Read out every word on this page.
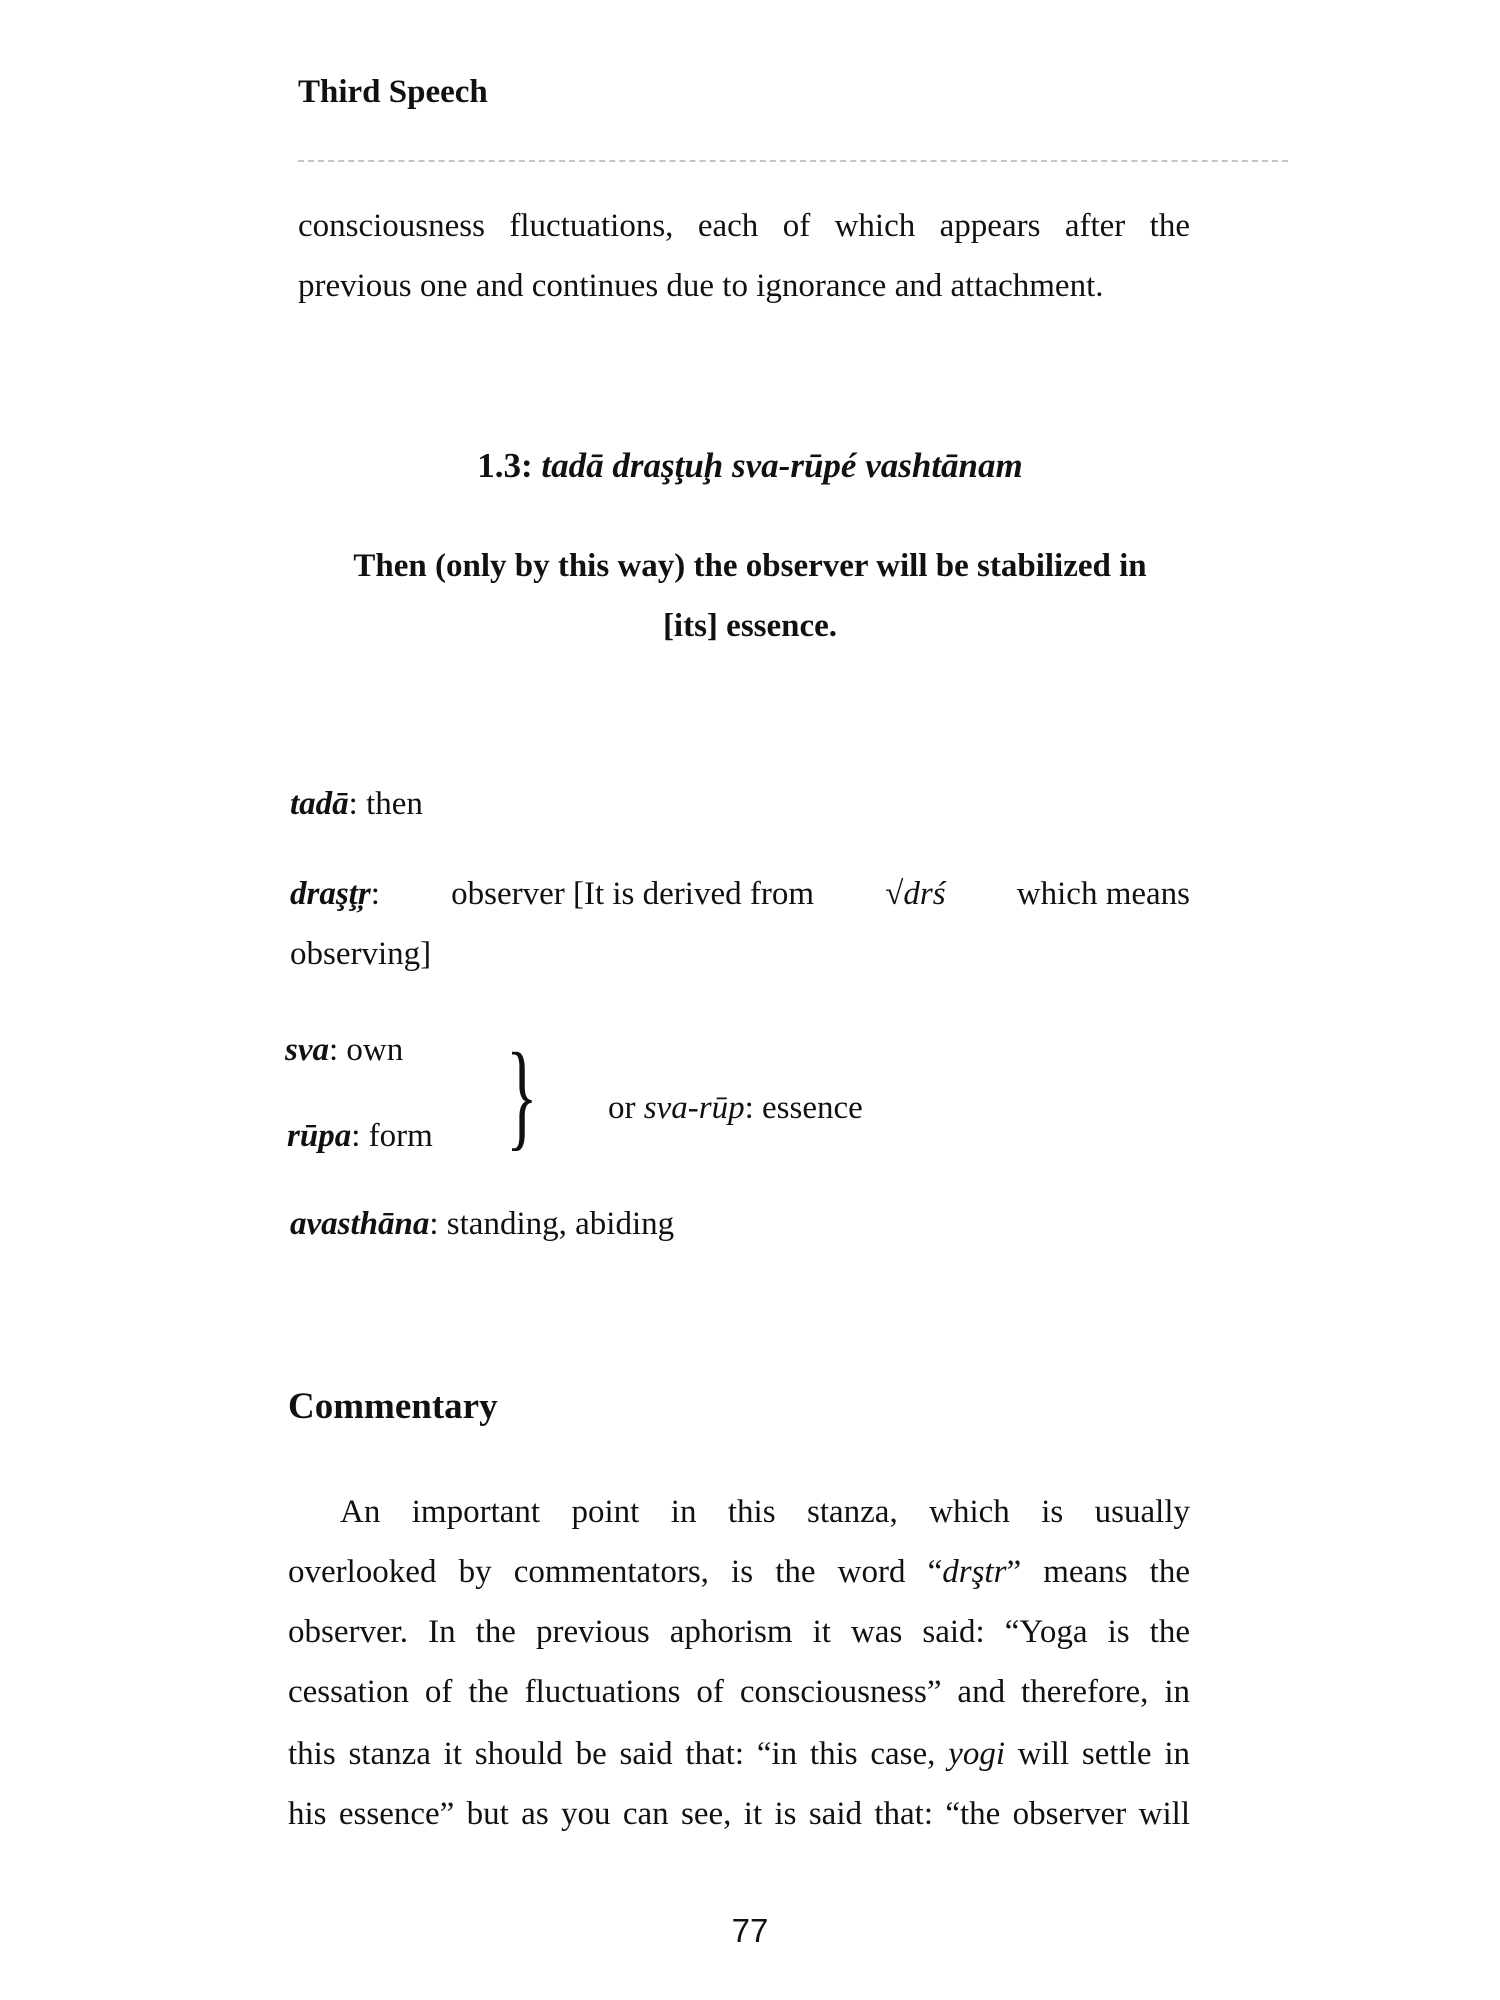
Third Speech
consciousness fluctuations, each of which appears after the
previous one and continues due to ignorance and attachment.
1.3: tadā draşţuḩ sva-rūpé vashtānam
Then (only by this way) the observer will be stabilized in
[its] essence.
tadā: then
draşţŗ: observer [It is derived from √drś which means
observing]
sva: own
rūpa: form } or sva-rūp: essence
avasthāna: standing, abiding
Commentary
An important point in this stanza, which is usually
overlooked by commentators, is the word “drştr” means the
observer. In the previous aphorism it was said: “Yoga is the
cessation of the fluctuations of consciousness” and therefore, in
this stanza it should be said that: “in this case, yogi will settle in
his essence” but as you can see, it is said that: “the observer will
77
